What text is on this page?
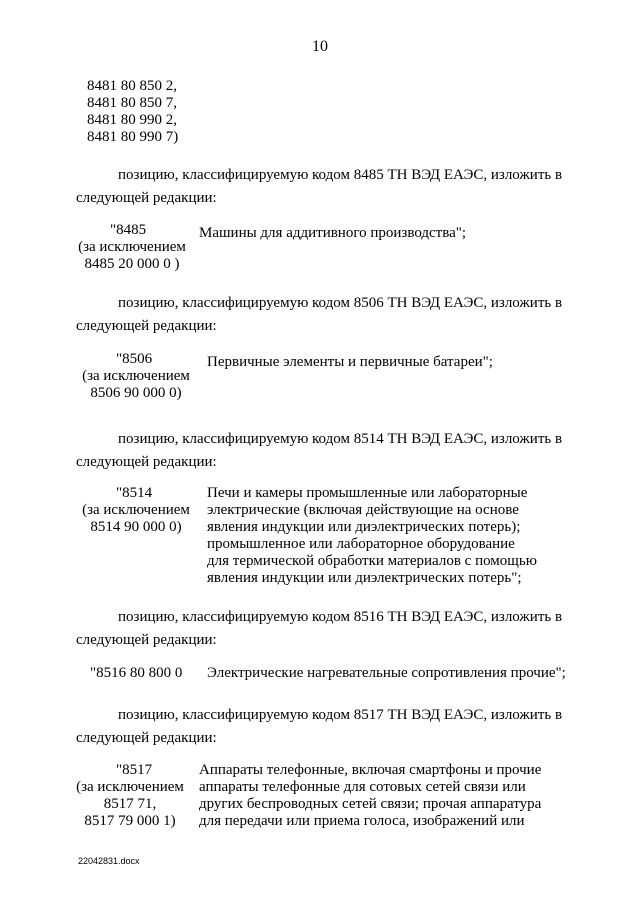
10
8481 80 850 2,
8481 80 850 7,
8481 80 990 2,
8481 80 990 7)
позицию, классифицируемую кодом 8485 ТН ВЭД ЕАЭС, изложить в
следующей редакции:
"8485
(за исключением
8485 20 000 0 )
Машины для аддитивного производства";
позицию, классифицируемую кодом 8506 ТН ВЭД ЕАЭС, изложить в
следующей редакции:
"8506
(за исключением
8506 90 000 0)
Первичные элементы и первичные батареи";
позицию, классифицируемую кодом 8514 ТН ВЭД ЕАЭС, изложить в
следующей редакции:
"8514
(за исключением
8514 90 000 0)
Печи и камеры промышленные или лабораторные
электрические (включая действующие на основе
явления индукции или диэлектрических потерь);
промышленное или лабораторное оборудование
для термической обработки материалов с помощью
явления индукции или диэлектрических потерь";
позицию, классифицируемую кодом 8516 ТН ВЭД ЕАЭС, изложить в
следующей редакции:
"8516 80 800 0 Электрические нагревательные сопротивления прочие";
позицию, классифицируемую кодом 8517 ТН ВЭД ЕАЭС, изложить в
следующей редакции:
"8517
(за исключением
8517 71,
8517 79 000 1)
Аппараты телефонные, включая смартфоны и прочие
аппараты телефонные для сотовых сетей связи или
других беспроводных сетей связи; прочая аппаратура
для передачи или приема голоса, изображений или
22042831.docx
